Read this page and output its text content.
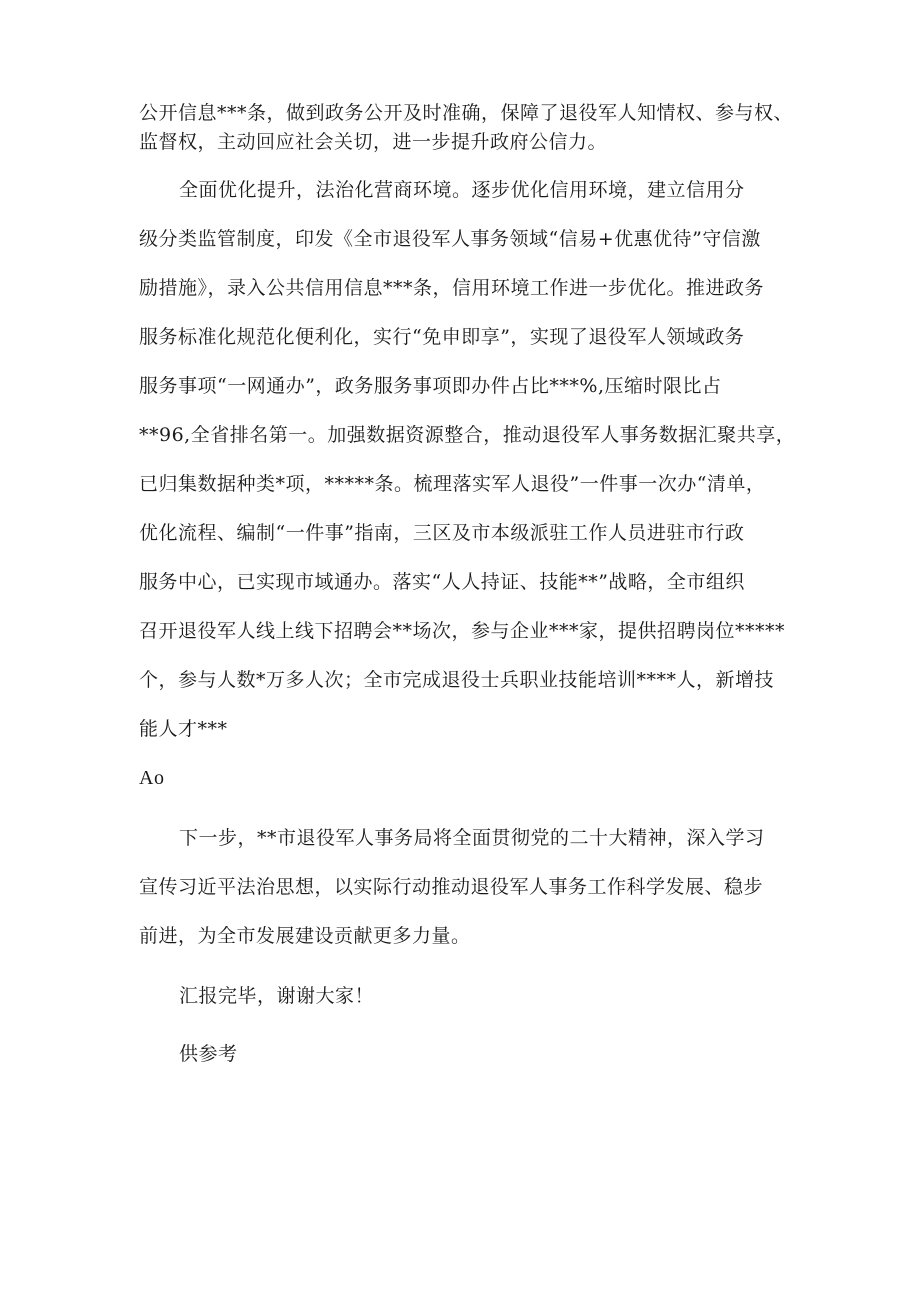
公开信息***条，做到政务公开及时准确，保障了退役军人知情权、参与权、

监督权，主动回应社会关切，进一步提升政府公信力。

全面优化提升，法治化营商环境。逐步优化信用环境，建立信用分

级分类监管制度，印发《全市退役军人事务领域“信易+优惠优待”守信激

励措施》，录入公共信用信息***条，信用环境工作进一步优化。推进政务

服务标准化规范化便利化，实行“免申即享”，实现了退役军人领域政务

服务事项“一网通办”，政务服务事项即办件占比***%,压缩时限比占

**96,全省排名第一。加强数据资源整合，推动退役军人事务数据汇聚共享，

已归集数据种类*项，*****条。梳理落实军人退役”一件事一次办“清单，

优化流程、编制“一件事”指南，三区及市本级派驻工作人员进驻市行政

服务中心，已实现市域通办。落实“人人持证、技能**”战略，全市组织

召开退役军人线上线下招聘会**场次，参与企业***家，提供招聘岗位*****

个，参与人数*万多人次；全市完成退役士兵职业技能培训****人，新增技

能人才***

Ao

下一步，**市退役军人事务局将全面贯彻党的二十大精神，深入学习

宣传习近平法治思想，以实际行动推动退役军人事务工作科学发展、稳步

前进，为全市发展建设贡献更多力量。

汇报完毕，谢谢大家！

供参考
